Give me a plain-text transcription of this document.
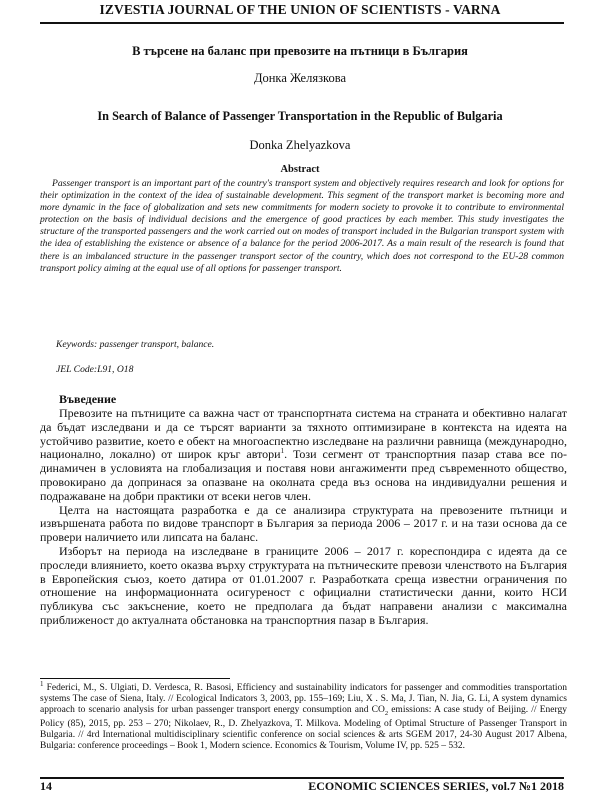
IZVESTIA JOURNAL OF THE UNION OF SCIENTISTS - VARNA
В търсене на баланс при превозите на пътници в България
Донка Желязкова
In Search of Balance of Passenger Transportation in the Republic of Bulgaria
Donka Zhelyazkova
Abstract
Passenger transport is an important part of the country's transport system and objectively requires research and look for options for their optimization in the context of the idea of sustainable development. This segment of the transport market is becoming more and more dynamic in the face of globalization and sets new commitments for modern society to provoke it to contribute to environmental protection on the basis of individual decisions and the emergence of good practices by each member. This study investigates the structure of the transported passengers and the work carried out on modes of transport included in the Bulgarian transport system with the idea of establishing the existence or absence of a balance for the period 2006-2017. As a main result of the research is found that there is an imbalanced structure in the passenger transport sector of the country, which does not correspond to the EU-28 common transport policy aiming at the equal use of all options for passenger transport.
Keywords: passenger transport, balance.
JEL Code:L91, O18
Въведение

Превозите на пътниците са важна част от транспортната система на страната и обективно налагат да бъдат изследвани и да се търсят варианти за тяхното оптимизиране в контекста на идеята на устойчиво развитие, което е обект на многоаспектно изследване на различни равнища (международно, национално, локално) от широк кръг автори$^1$. Този сегмент от транспортния пазар става все по-динамичен в условията на глобализация и поставя нови ангажименти пред съвременното общество, провокирано да допринася за опазване на околната среда въз основа на индивидуални решения и подражаване на добри практики от всеки негов член.

Целта на настоящата разработка е да се анализира структурата на превозените пътници и извършената работа по видове транспорт в България за периода 2006 – 2017 г. и на тази основа да се провери наличието или липсата на баланс.

Изборът на периода на изследване в границите 2006 – 2017 г. кореспондира с идеята да се проследи влиянието, което оказва върху структурата на пътническите превози членството на България в Европейския съюз, което датира от 01.01.2007 г. Разработката среща известни ограничения по отношение на информационната осигуреност с официални статистически данни, които НСИ публикува със закъснение, което не предполага да бъдат направени анализи с максимална приближеност до актуалната обстановка на транспортния пазар в България.

$^1$ Federici, M., S. Ulgiati, D. Verdesca, R. Basosi, Efficiency and sustainability indicators for passenger and commodities transportation systems The case of Siena, Italy. // Ecological Indicators 3, 2003, pp. 155–169; Liu, X . S. Ma, J. Tian, N. Jia, G. Li, A system dynamics approach to scenario analysis for urban passenger transport energy consumption and $CO_2$ emissions: A case study of Beijing. // Energy Policy (85), 2015, pp. 253 – 270; Nikolaev, R., D. Zhelyazkova, T. Milkova. Modeling of Optimal Structure of Passenger Transport in Bulgaria. // 4rd International multidisciplinary scientific conference on social sciences & arts SGEM 2017, 24-30 August 2017 Albena, Bulgaria: conference proceedings – Book 1, Modern science. Economics & Tourism, Volume IV, pp. 525 – 532.
14	ECONOMIC SCIENCES SERIES, vol.7 №1 2018
